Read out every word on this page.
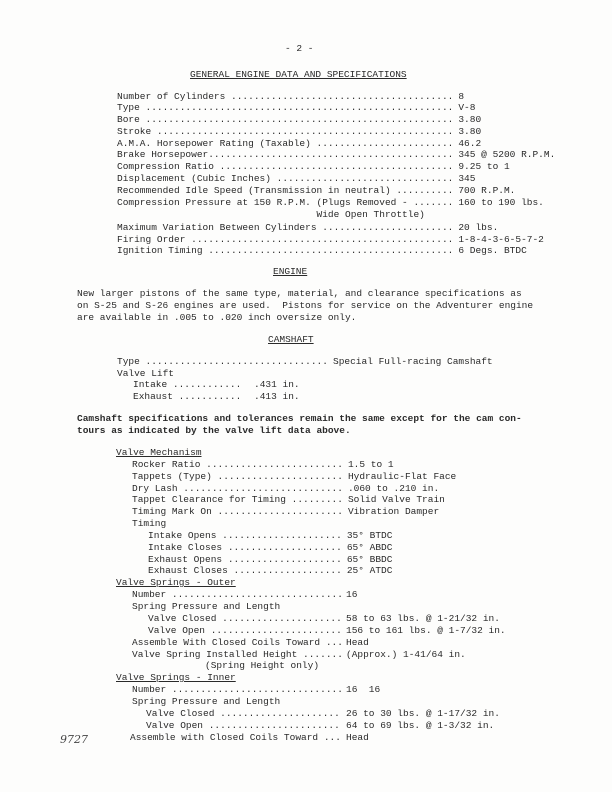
- 2 -
GENERAL ENGINE DATA AND SPECIFICATIONS
Number of Cylinders ....................................... 8
Type ...................................................... V-8
Bore ...................................................... 3.80
Stroke .................................................... 3.80
A.M.A. Horsepower Rating (Taxable) ........................ 46.2
Brake Horsepower........................................... 345 @ 5200 R.P.M.
Compression Ratio ......................................... 9.25 to 1
Displacement (Cubic Inches) ............................... 345
Recommended Idle Speed (Transmission in neutral) .......... 700 R.P.M.
Compression Pressure at 150 R.P.M. (Plugs Removed - ....... 160 to 190 lbs.
Wide Open Throttle)
Maximum Variation Between Cylinders ....................... 20 lbs.
Firing Order .............................................. 1-8-4-3-6-5-7-2
Ignition Timing ........................................... 6 Degs. BTDC
ENGINE
New larger pistons of the same type, material, and clearance specifications as
on S-25 and S-26 engines are used.  Pistons for service on the Adventurer engine
are available in .005 to .020 inch oversize only.
CAMSHAFT
Type ................................ Special Full-racing Camshaft
Valve Lift
Intake ............ .431 in.
Exhaust ........... .413 in.
Camshaft specifications and tolerances remain the same except for the cam con-
tours as indicated by the valve lift data above.
Valve Mechanism
Rocker Ratio ........................ 1.5 to 1
Tappets (Type) ...................... Hydraulic-Flat Face
Dry Lash ............................ .060 to .210 in.
Tappet Clearance for Timing ......... Solid Valve Train
Timing Mark On ...................... Vibration Damper
Timing
Intake Opens ..................... 35° BTDC
Intake Closes .................... 65° ABDC
Exhaust Opens .................... 65° BBDC
Exhaust Closes ................... 25° ATDC
Valve Springs - Outer
Number .............................. 16
Spring Pressure and Length
Valve Closed ..................... 58 to 63 lbs. @ 1-21/32 in.
Valve Open ....................... 156 to 161 lbs. @ 1-7/32 in.
Assemble With Closed Coils Toward ... Head
Valve Spring Installed Height ....... (Approx.) 1-41/64 in.
(Spring Height only)
Valve Springs - Inner
Number .............................. 16  16
Spring Pressure and Length
Valve Closed ..................... 26 to 30 lbs. @ 1-17/32 in.
Valve Open ....................... 64 to 69 lbs. @ 1-3/32 in.
Assemble with Closed Coils Toward ... Head
9727
